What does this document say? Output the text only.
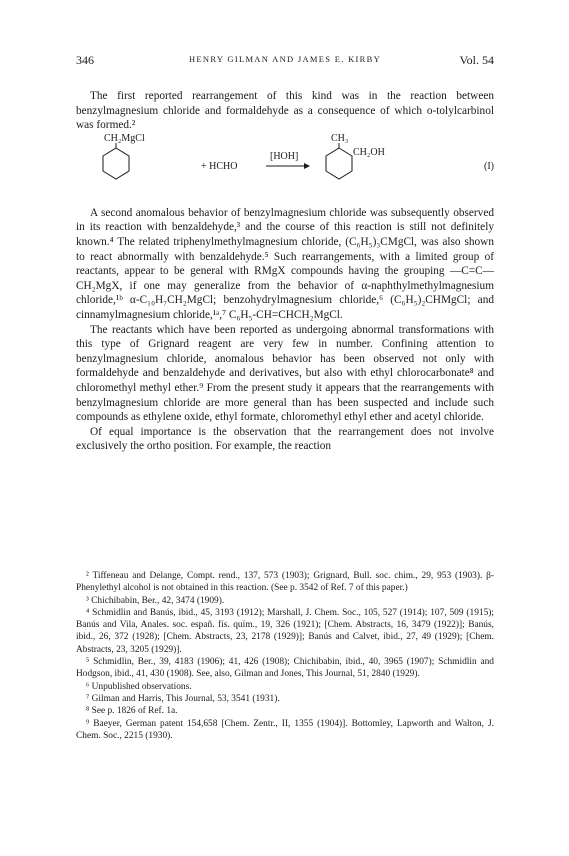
346	HENRY GILMAN AND JAMES E. KIRBY	Vol. 54

The first reported rearrangement of this kind was in the reaction between benzylmagnesium chloride and formaldehyde as a consequence of which o-tolylcarbinol was formed.²

CH₂MgCl
+ HCHO
[HOH]
CH₃
CH₂OH
(I)

A second anomalous behavior of benzylmagnesium chloride was subsequently observed in its reaction with benzaldehyde,³ and the course of this reaction is still not definitely known.⁴ The related triphenylmethylmagnesium chloride, (C₆H₅)₃CMgCl, was also shown to react abnormally with benzaldehyde.⁵ Such rearrangements, with a limited group of reactants, appear to be general with RMgX compounds having the grouping —C=C—CH₂MgX, if one may generalize from the behavior of α-naphthylmethylmagnesium chloride,¹ᵇ α-C₁₀H₇CH₂MgCl; benzohydrylmagnesium chloride,⁶ (C₆H₅)₂CHMgCl; and cinnamylmagnesium chloride,¹ᵃ,⁷ C₆H₅-CH=CHCH₂MgCl.

The reactants which have been reported as undergoing abnormal transformations with this type of Grignard reagent are very few in number. Confining attention to benzylmagnesium chloride, anomalous behavior has been observed not only with formaldehyde and benzaldehyde and derivatives, but also with ethyl chlorocarbonate⁸ and chloromethyl methyl ether.⁹ From the present study it appears that the rearrangements with benzylmagnesium chloride are more general than has been suspected and include such compounds as ethylene oxide, ethyl formate, chloromethyl ethyl ether and acetyl chloride.

Of equal importance is the observation that the rearrangement does not involve exclusively the ortho position. For example, the reaction

² Tiffeneau and Delange, Compt. rend., 137, 573 (1903); Grignard, Bull. soc. chim., 29, 953 (1903). β-Phenylethyl alcohol is not obtained in this reaction. (See p. 3542 of Ref. 7 of this paper.)

³ Chichibabin, Ber., 42, 3474 (1909).

⁴ Schmidlin and Banús, ibid., 45, 3193 (1912); Marshall, J. Chem. Soc., 105, 527 (1914); 107, 509 (1915); Banús and Vila, Anales. soc. españ. fís. quím., 19, 326 (1921); [Chem. Abstracts, 16, 3479 (1922)]; Banús, ibid., 26, 372 (1928); [Chem. Abstracts, 23, 2178 (1929)]; Banús and Calvet, ibid., 27, 49 (1929); [Chem. Abstracts, 23, 3205 (1929)].

⁵ Schmidlin, Ber., 39, 4183 (1906); 41, 426 (1908); Chichibabin, ibid., 40, 3965 (1907); Schmidlin and Hodgson, ibid., 41, 430 (1908). See, also, Gilman and Jones, This Journal, 51, 2840 (1929).

⁶ Unpublished observations.

⁷ Gilman and Harris, This Journal, 53, 3541 (1931).

⁸ See p. 1826 of Ref. 1a.

⁹ Baeyer, German patent 154,658 [Chem. Zentr., II, 1355 (1904)]. Bottomley, Lapworth and Walton, J. Chem. Soc., 2215 (1930).
